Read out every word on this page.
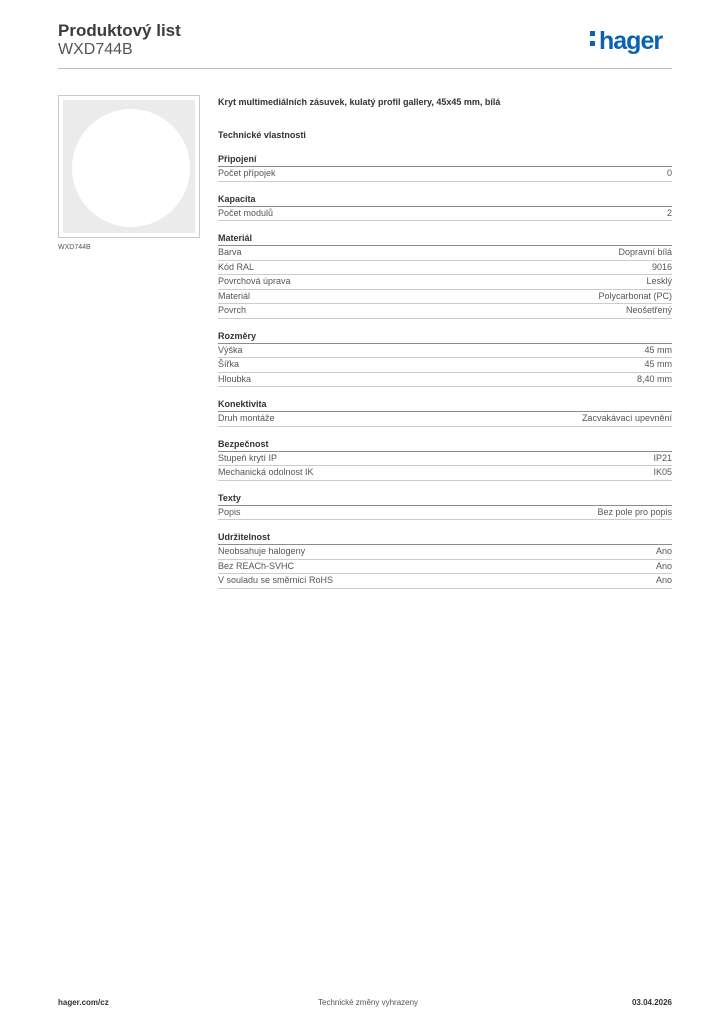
Produktový list
WXD744B	hager
WXD744B
Kryt multimediálních zásuvek, kulatý profil gallery, 45x45 mm, bílá
Technické vlastnosti
Připojení
Počet přípojek	0
Kapacita
Počet modulů	2
Materiál
Barva	Dopravní bílá
Kód RAL	9016
Povrchová úprava	Lesklý
Materiál	Polycarbonat (PC)
Povrch	Neošetřený
Rozměry
Výška	45 mm
Šířka	45 mm
Hloubka	8,40 mm
Konektivita
Druh montáže	Zacvakávací upevnění
Bezpečnost
Stupeň krytí IP	IP21
Mechanická odolnost IK	IK05
Texty
Popis	Bez pole pro popis
Udržitelnost
Neobsahuje halogeny	Ano
Bez REACh-SVHC	Ano
V souladu se směrnicí RoHS	Ano
hager.com/cz	Technické změny vyhrazeny	03.04.2026
